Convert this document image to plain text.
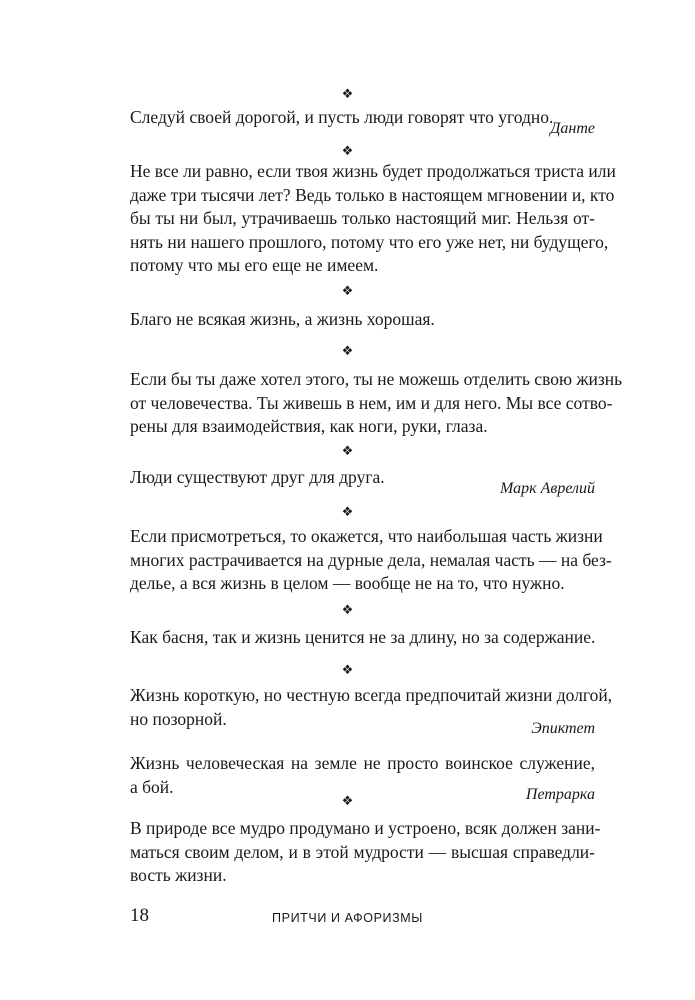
❖

Следуй своей дорогой, и пусть люди говорят что угодно.

Данте
❖

Не все ли равно, если твоя жизнь будет продолжаться триста или
даже три тысячи лет? Ведь только в настоящем мгновении и, кто
бы ты ни был, утрачиваешь только настоящий миг. Нельзя от-
нять ни нашего прошлого, потому что его уже нет, ни будущего,
потому что мы его еще не имеем.

❖

Благо не всякая жизнь, а жизнь хорошая.

❖

Если бы ты даже хотел этого, ты не можешь отделить свою жизнь
от человечества. Ты живешь в нем, им и для него. Мы все сотво-
рены для взаимодействия, как ноги, руки, глаза.

❖

Люди существуют друг для друга.

Марк Аврелий
❖

Если присмотреться, то окажется, что наибольшая часть жизни
многих растрачивается на дурные дела, немалая часть — на без-
делье, а вся жизнь в целом — вообще не на то, что нужно.

❖

Как басня, так и жизнь ценится не за длину, но за содержание.

❖

Жизнь короткую, но честную всегда предпочитай жизни долгой,
но позорной.	Эпиктет

Жизнь человеческая на земле не просто воинское служение,
а бой.	Петрарка
❖

В природе все мудро продумано и устроено, всяк должен зани-
маться своим делом, и в этой мудрости — высшая справедли-
вость жизни.

18	ПРИТЧИ И АФОРИЗМЫ
